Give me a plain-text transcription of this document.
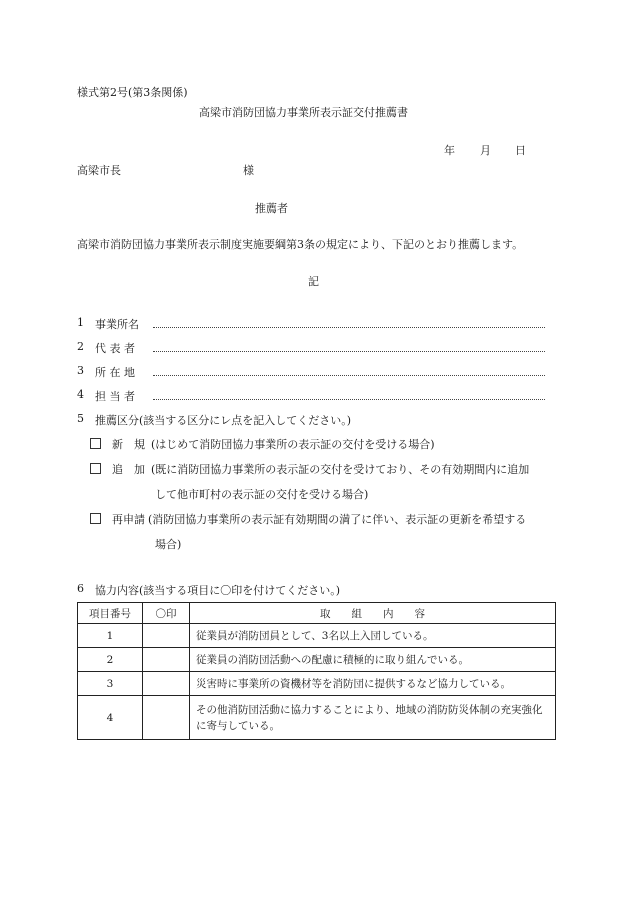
様式第2号(第3条関係)
高梁市消防団協力事業所表示証交付推薦書
年 月 日
高梁市長	様
推薦者
高梁市消防団協力事業所表示制度実施要綱第3条の規定により、下記のとおり推薦します。
記
1 事業所名
2 代 表 者
3 所 在 地
4 担 当 者
5 推薦区分(該当する区分にレ点を記入してください。)
新　規 (はじめて消防団協力事業所の表示証の交付を受ける場合)
追　加 (既に消防団協力事業所の表示証の交付を受けており、その有効期間内に追加
して他市町村の表示証の交付を受ける場合)
再申請 (消防団協力事業所の表示証有効期間の満了に伴い、表示証の更新を希望する
場合)
6 協力内容(該当する項目に〇印を付けてください。)
項目番号	〇印	取　　組　　内　　容
1		従業員が消防団員として、3名以上入団している。
2		従業員の消防団活動への配慮に積極的に取り組んでいる。
3		災害時に事業所の資機材等を消防団に提供するなど協力している。
4		その他消防団活動に協力することにより、地域の消防防災体制の充実強化に寄与している。
